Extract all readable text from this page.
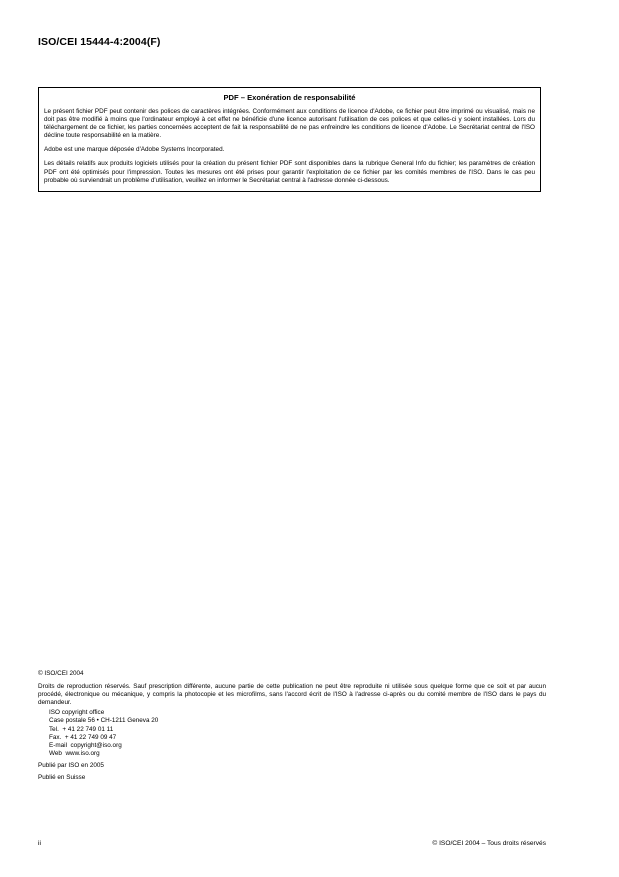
ISO/CEI 15444-4:2004(F)
PDF – Exonération de responsabilité

Le présent fichier PDF peut contenir des polices de caractères intégrées. Conformément aux conditions de licence d'Adobe, ce fichier peut être imprimé ou visualisé, mais ne doit pas être modifié à moins que l'ordinateur employé à cet effet ne bénéficie d'une licence autorisant l'utilisation de ces polices et que celles-ci y soient installées. Lors du téléchargement de ce fichier, les parties concernées acceptent de fait la responsabilité de ne pas enfreindre les conditions de licence d'Adobe. Le Secrétariat central de l'ISO décline toute responsabilité en la matière.

Adobe est une marque déposée d'Adobe Systems Incorporated.

Les détails relatifs aux produits logiciels utilisés pour la création du présent fichier PDF sont disponibles dans la rubrique General Info du fichier; les paramètres de création PDF ont été optimisés pour l'impression. Toutes les mesures ont été prises pour garantir l'exploitation de ce fichier par les comités membres de l'ISO. Dans le cas peu probable où surviendrait un problème d'utilisation, veuillez en informer le Secrétariat central à l'adresse donnée ci-dessous.

© ISO/CEI 2004

Droits de reproduction réservés. Sauf prescription différente, aucune partie de cette publication ne peut être reproduite ni utilisée sous quelque forme que ce soit et par aucun procédé, électronique ou mécanique, y compris la photocopie et les microfilms, sans l'accord écrit de l'ISO à l'adresse ci-après ou du comité membre de l'ISO dans le pays du demandeur.

ISO copyright office
Case postale 56 • CH-1211 Geneva 20
Tel.  + 41 22 749 01 11
Fax.  + 41 22 749 09 47
E-mail  copyright@iso.org
Web  www.iso.org

Publié par ISO en 2005

Publié en Suisse

ii	© ISO/CEI 2004 – Tous droits réservés
